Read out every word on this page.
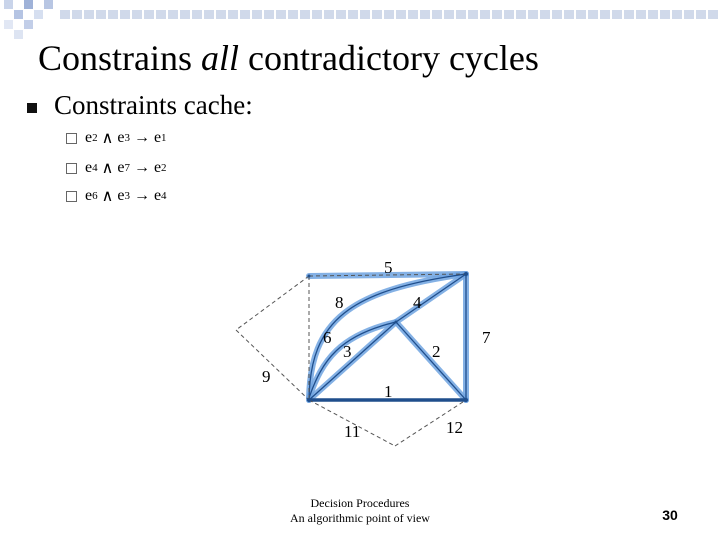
Constrains all contradictory cycles
Constraints cache:
e 2
∧
e 3
→
e 1
e 4
∧
e 7
→
e 2
e 6
∧
e 3
→
e 4
5
8	4
6
3	2
7
9
1
11	12
Decision Procedures
An algorithmic point of view	30
